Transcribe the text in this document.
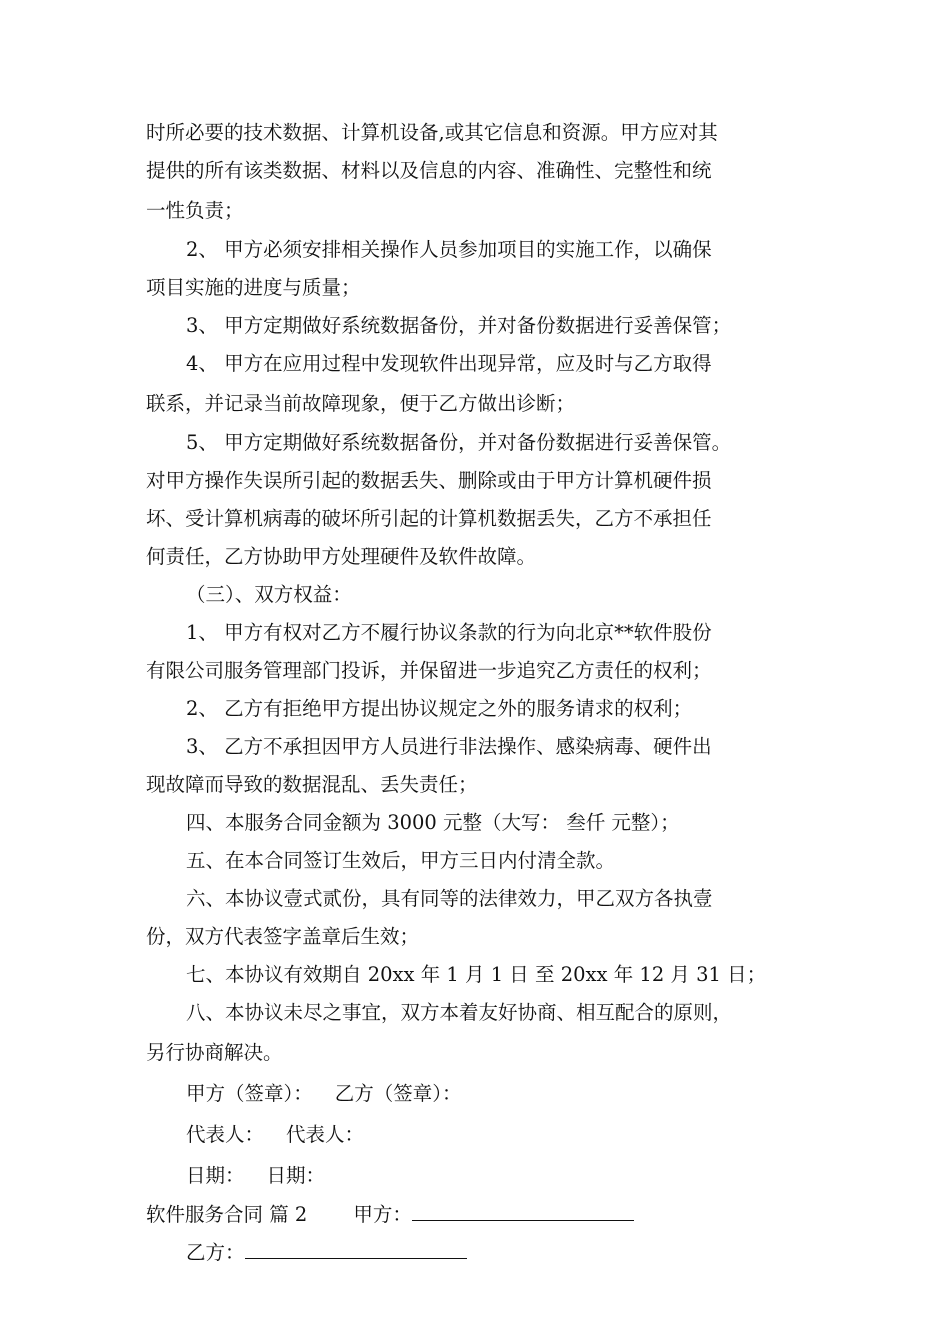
时所必要的技术数据、计算机设备,或其它信息和资源。甲方应对其
提供的所有该类数据、材料以及信息的内容、准确性、完整性和统
一性负责；
2、 甲方必须安排相关操作人员参加项目的实施工作，以确保
项目实施的进度与质量；
3、 甲方定期做好系统数据备份，并对备份数据进行妥善保管；
4、 甲方在应用过程中发现软件出现异常，应及时与乙方取得
联系，并记录当前故障现象，便于乙方做出诊断；
5、 甲方定期做好系统数据备份，并对备份数据进行妥善保管。
对甲方操作失误所引起的数据丢失、删除或由于甲方计算机硬件损
坏、受计算机病毒的破坏所引起的计算机数据丢失，乙方不承担任
何责任，乙方协助甲方处理硬件及软件故障。
（三）、双方权益：
1、 甲方有权对乙方不履行协议条款的行为向北京**软件股份
有限公司服务管理部门投诉，并保留进一步追究乙方责任的权利；
2、 乙方有拒绝甲方提出协议规定之外的服务请求的权利；
3、 乙方不承担因甲方人员进行非法操作、感染病毒、硬件出
现故障而导致的数据混乱、丢失责任；
四、本服务合同金额为 3000 元整（大写： 叁仟 元整）；
五、在本合同签订生效后，甲方三日内付清全款。
六、本协议壹式贰份，具有同等的法律效力，甲乙双方各执壹
份，双方代表签字盖章后生效；
七、本协议有效期自 20xx 年 1 月 1 日 至 20xx 年 12 月 31 日；
八、本协议未尽之事宜，双方本着友好协商、相互配合的原则，
另行协商解决。
甲方（签章）： 乙方（签章）：
代表人： 代表人：
日期： 日期：
软件服务合同 篇 2 甲方：
乙方：
